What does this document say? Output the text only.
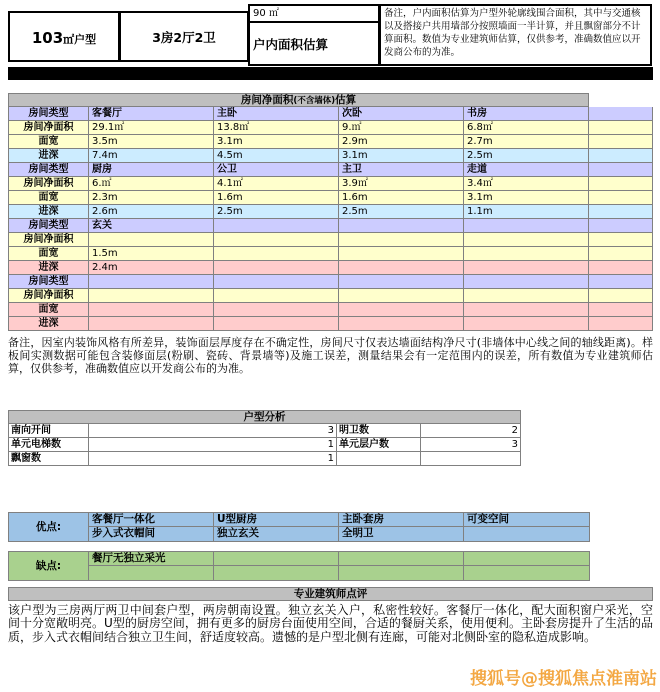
103 ㎡户型	3房2厅2卫
90 ㎡
户内面积估算
备注，户内面积估算为户型外轮廓线围合面积，其中与交通核以及搭接户共用墙部分按照墙面一半计算，并且飘窗部分不计算面积。数值为专业建筑师估算，仅供参考，准确数值应以开发商公布的为准。
房间净面积(不含墙体)估算
房间类型	客餐厅	主卧	次卧	书房
房间净面积	29.1㎡	13.8㎡	9.㎡	6.8㎡
面宽	3.5m	3.1m	2.9m	2.7m
进深	7.4m	4.5m	3.1m	2.5m
房间类型	厨房	公卫	主卫	走道
房间净面积	6.㎡	4.1㎡	3.9㎡	3.4㎡
面宽	2.3m	1.6m	1.6m	3.1m
进深	2.6m	2.5m	2.5m	1.1m
房间类型	玄关
房间净面积
面宽	1.5m
进深	2.4m
房间类型
房间净面积
面宽
进深
备注，因室内装饰风格有所差异，装饰面层厚度存在不确定性，房间尺寸仅表达墙面结构净尺寸(非墙体中心线之间的轴线距离)。样板间实测数据可能包含装修面层(粉刷、瓷砖、背景墙等)及施工误差，测量结果会有一定范围内的误差，所有数值为专业建筑师估算，仅供参考，准确数值应以开发商公布的为准。
户型分析
南向开间	3 明卫数	2
单元电梯数	1 单元层户数	3
飘窗数	1
优点:
客餐厅一体化	U型厨房	主卧套房	可变空间
步入式衣帽间	独立玄关	全明卫
缺点:
餐厅无独立采光
专业建筑师点评
该户型为三房两厅两卫中间套户型，两房朝南设置。独立玄关入户，私密性较好。客餐厅一体化，配大面积窗户采光，空间十分宽敞明亮。U型的厨房空间，拥有更多的厨房台面使用空间，合适的餐厨关系，使用便利。主卧套房提升了生活的品质，步入式衣帽间结合独立卫生间，舒适度较高。遗憾的是户型北侧有连廊，可能对北侧卧室的隐私造成影响。
搜狐号@搜狐焦点淮南站
